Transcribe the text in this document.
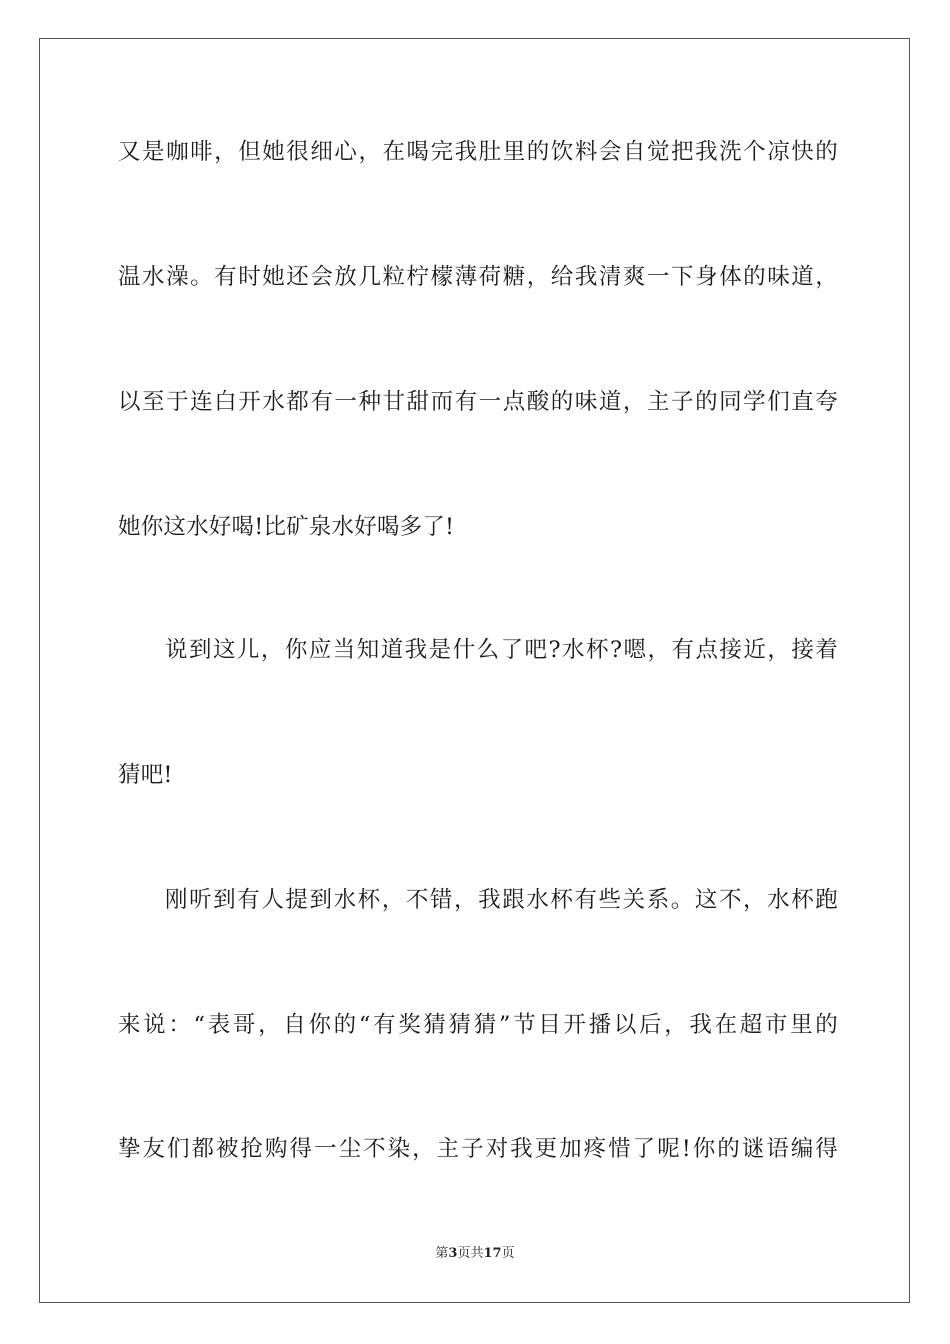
又是咖啡，但她很细心，在喝完我肚里的饮料会自觉把我洗个凉快的
温水澡。有时她还会放几粒柠檬薄荷糖，给我清爽一下身体的味道，
以至于连白开水都有一种甘甜而有一点酸的味道，主子的同学们直夸
她你这水好喝!比矿泉水好喝多了!
说到这儿，你应当知道我是什么了吧?水杯?嗯，有点接近，接着
猜吧!
刚听到有人提到水杯，不错，我跟水杯有些关系。这不，水杯跑
来说：“表哥，自你的“有奖猜猜猜”节目开播以后，我在超市里的
挚友们都被抢购得一尘不染，主子对我更加疼惜了呢!你的谜语编得
第3页共17页
